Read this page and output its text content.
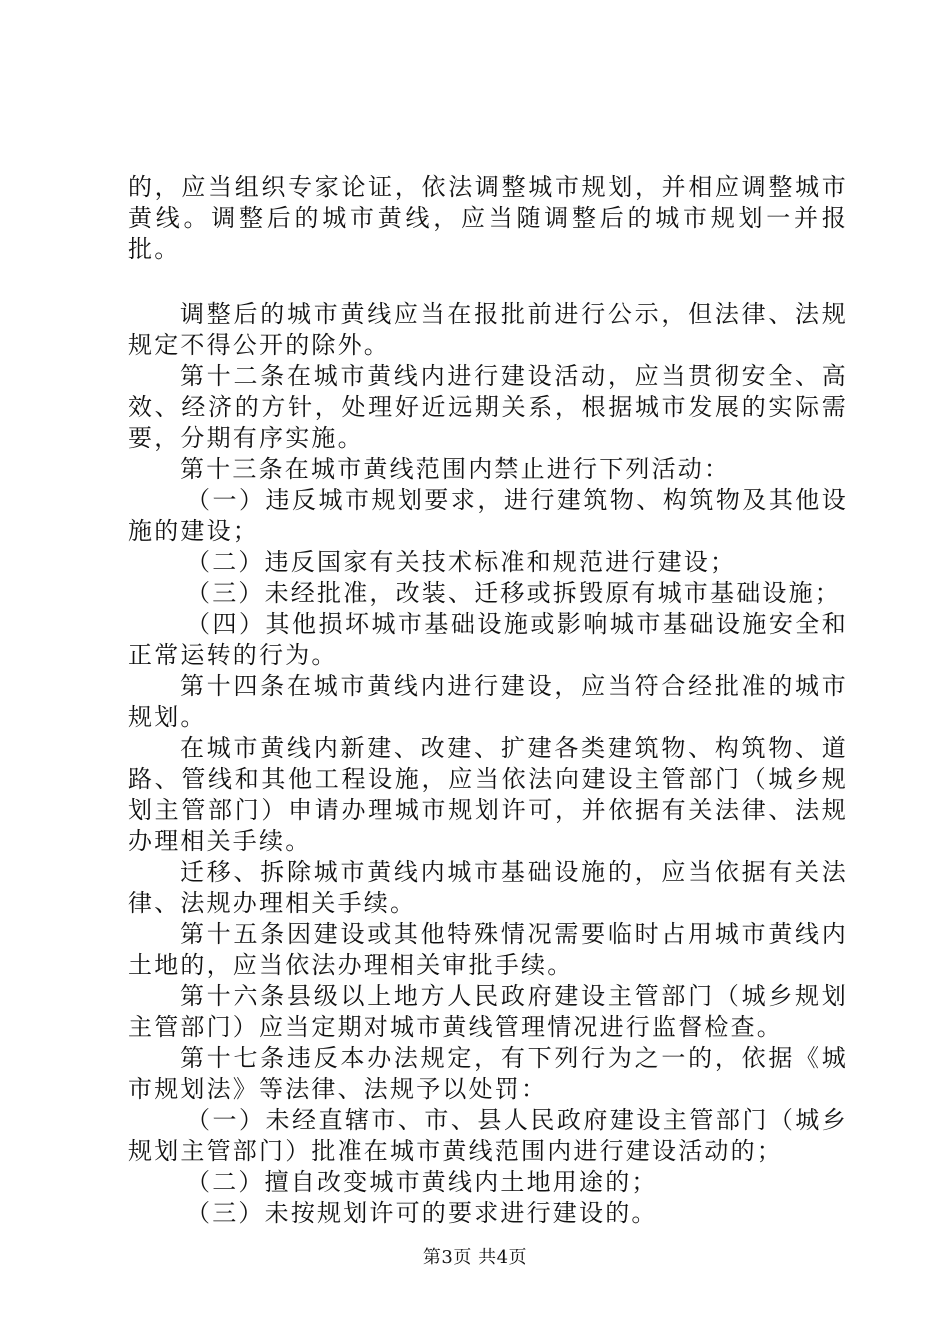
的，应当组织专家论证，依法调整城市规划，并相应调整城市黄线。调整后的城市黄线，应当随调整后的城市规划一并报批。

调整后的城市黄线应当在报批前进行公示，但法律、法规规定不得公开的除外。

第十二条在城市黄线内进行建设活动，应当贯彻安全、高效、经济的方针，处理好近远期关系，根据城市发展的实际需要，分期有序实施。

第十三条在城市黄线范围内禁止进行下列活动：

（一）违反城市规划要求，进行建筑物、构筑物及其他设施的建设；

（二）违反国家有关技术标准和规范进行建设；

（三）未经批准，改装、迁移或拆毁原有城市基础设施；

（四）其他损坏城市基础设施或影响城市基础设施安全和正常运转的行为。

第十四条在城市黄线内进行建设，应当符合经批准的城市规划。

在城市黄线内新建、改建、扩建各类建筑物、构筑物、道路、管线和其他工程设施，应当依法向建设主管部门（城乡规划主管部门）申请办理城市规划许可，并依据有关法律、法规办理相关手续。

迁移、拆除城市黄线内城市基础设施的，应当依据有关法律、法规办理相关手续。

第十五条因建设或其他特殊情况需要临时占用城市黄线内土地的，应当依法办理相关审批手续。

第十六条县级以上地方人民政府建设主管部门（城乡规划主管部门）应当定期对城市黄线管理情况进行监督检查。

第十七条违反本办法规定，有下列行为之一的，依据《城市规划法》等法律、法规予以处罚：

（一）未经直辖市、市、县人民政府建设主管部门（城乡规划主管部门）批准在城市黄线范围内进行建设活动的；

（二）擅自改变城市黄线内土地用途的；

（三）未按规划许可的要求进行建设的。

第3页 共4页
